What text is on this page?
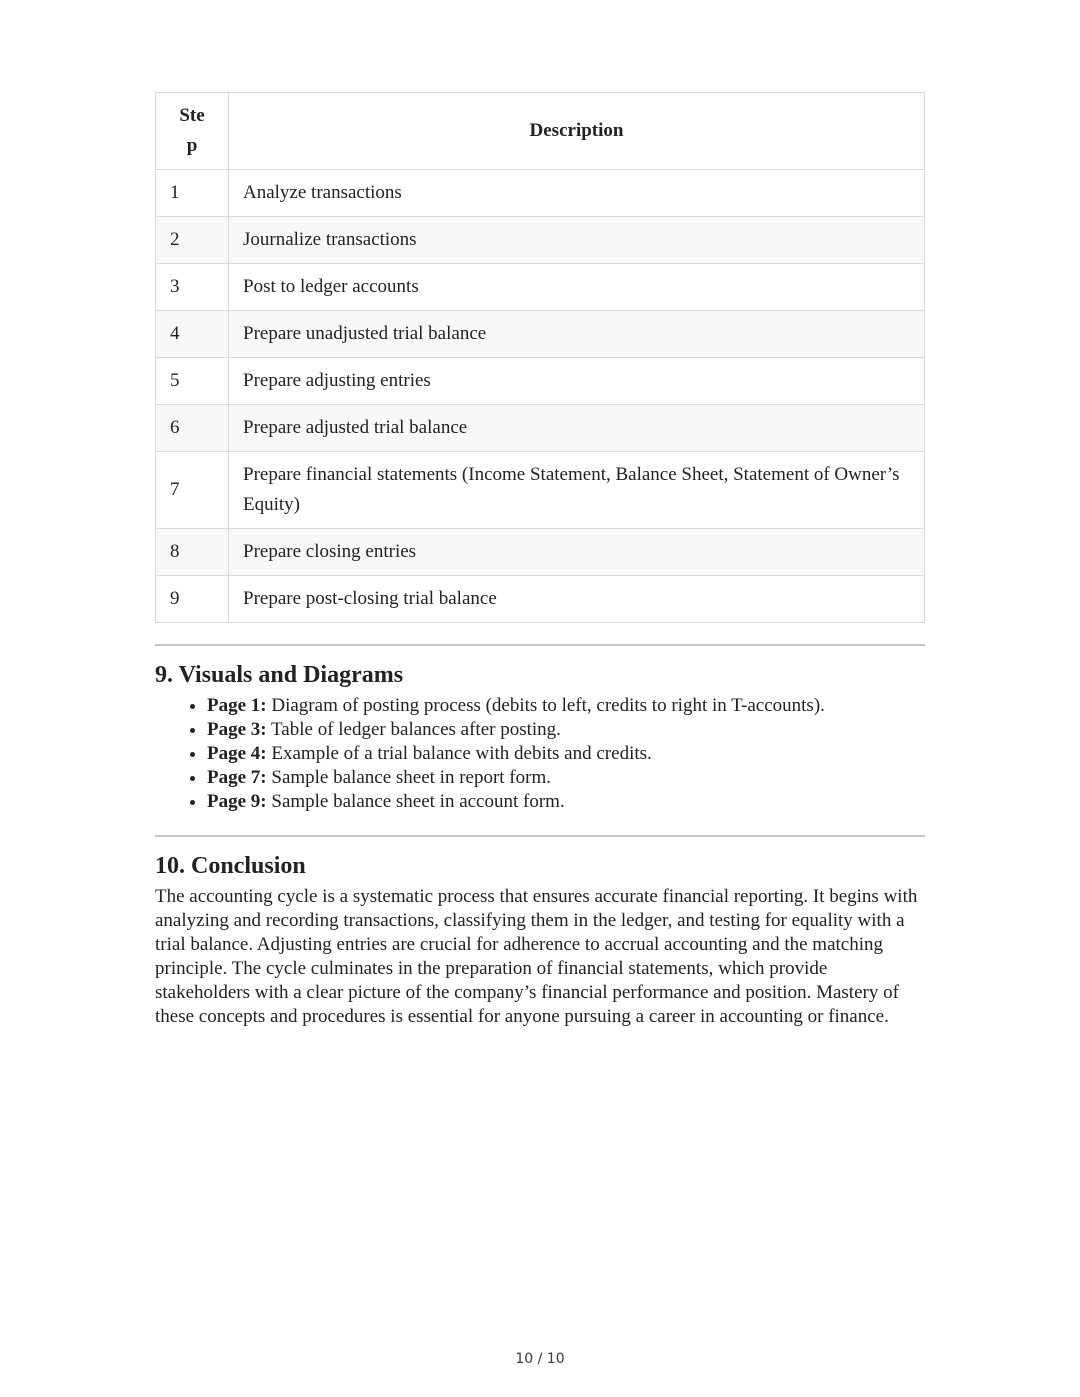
Step	Description
1	Analyze transactions
2	Journalize transactions
3	Post to ledger accounts
4	Prepare unadjusted trial balance
5	Prepare adjusting entries
6	Prepare adjusted trial balance
7	Prepare financial statements (Income Statement, Balance Sheet, Statement of Owner’s Equity)
8	Prepare closing entries
9	Prepare post-closing trial balance
9. Visuals and Diagrams
• Page 1: Diagram of posting process (debits to left, credits to right in T-accounts).
• Page 3: Table of ledger balances after posting.
• Page 4: Example of a trial balance with debits and credits.
• Page 7: Sample balance sheet in report form.
• Page 9: Sample balance sheet in account form.
10. Conclusion

The accounting cycle is a systematic process that ensures accurate financial reporting. It begins with analyzing and recording transactions, classifying them in the ledger, and testing for equality with a trial balance. Adjusting entries are crucial for adherence to accrual accounting and the matching principle. The cycle culminates in the preparation of financial statements, which provide stakeholders with a clear picture of the company’s financial performance and position. Mastery of these concepts and procedures is essential for anyone pursuing a career in accounting or finance.

10 / 10
